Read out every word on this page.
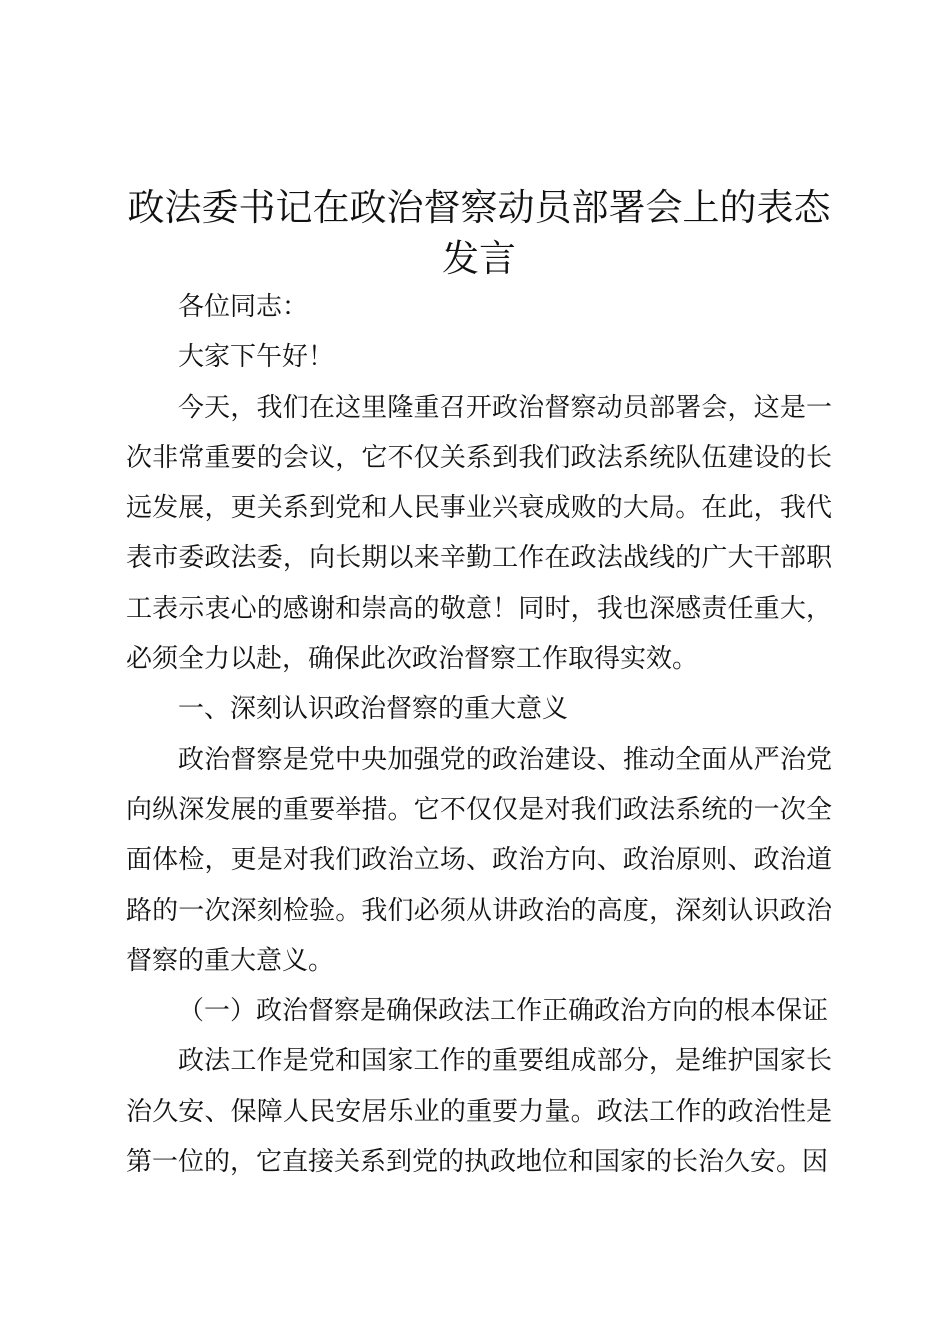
政法委书记在政治督察动员部署会上的表态发言

各位同志：

大家下午好！

今天，我们在这里隆重召开政治督察动员部署会，这是一次非常重要的会议，它不仅关系到我们政法系统队伍建设的长远发展，更关系到党和人民事业兴衰成败的大局。在此，我代表市委政法委，向长期以来辛勤工作在政法战线的广大干部职工表示衷心的感谢和崇高的敬意！同时，我也深感责任重大，必须全力以赴，确保此次政治督察工作取得实效。

一、深刻认识政治督察的重大意义

政治督察是党中央加强党的政治建设、推动全面从严治党向纵深发展的重要举措。它不仅仅是对我们政法系统的一次全面体检，更是对我们政治立场、政治方向、政治原则、政治道路的一次深刻检验。我们必须从讲政治的高度，深刻认识政治督察的重大意义。

（一）政治督察是确保政法工作正确政治方向的根本保证

政法工作是党和国家工作的重要组成部分，是维护国家长治久安、保障人民安居乐业的重要力量。政法工作的政治性是第一位的，它直接关系到党的执政地位和国家的长治久安。因
